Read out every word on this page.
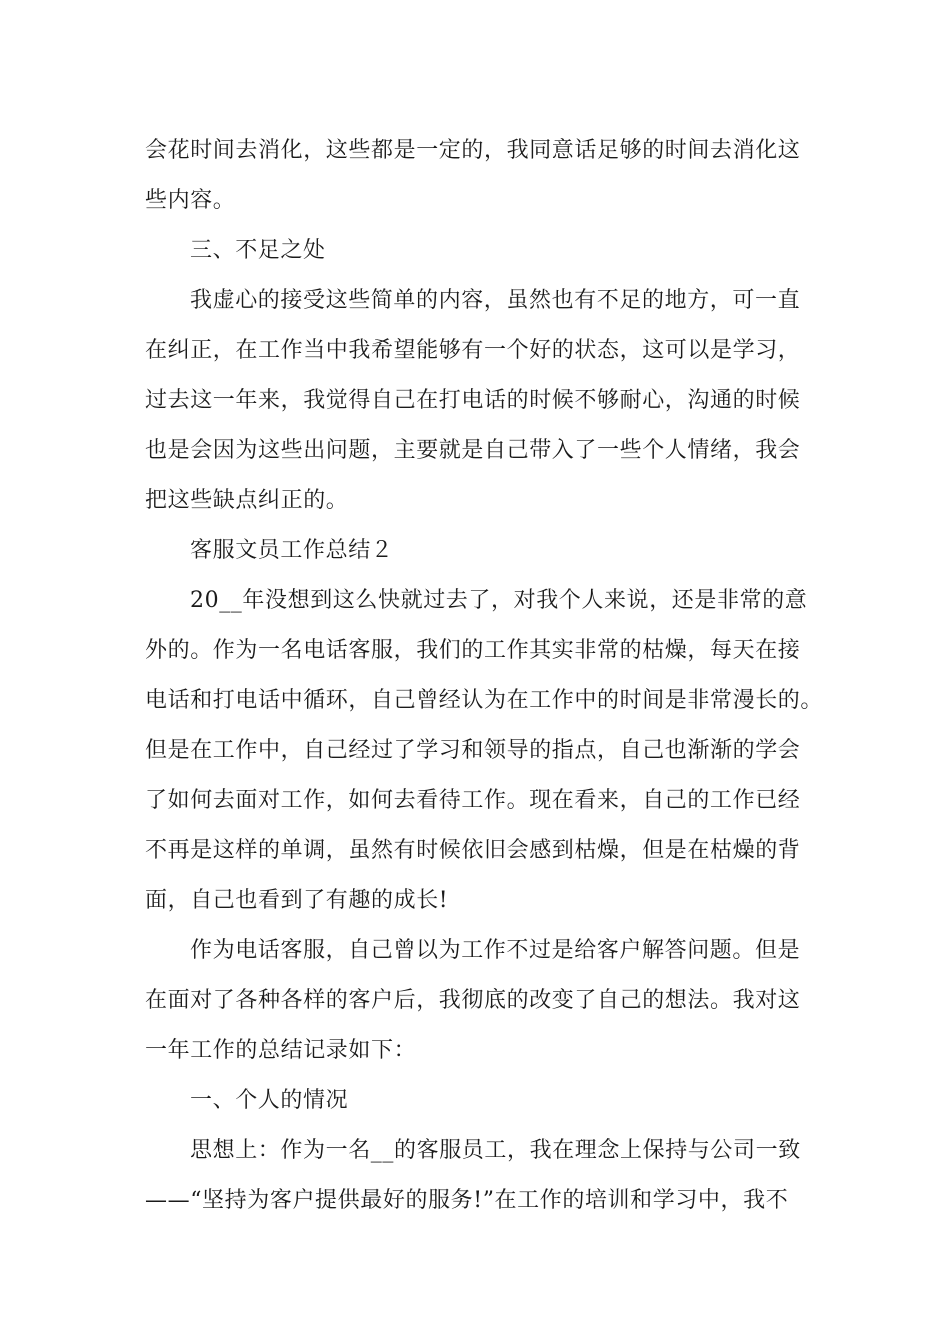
会花时间去消化，这些都是一定的，我同意话足够的时间去消化这
些内容。
三、不足之处
我虚心的接受这些简单的内容，虽然也有不足的地方，可一直
在纠正，在工作当中我希望能够有一个好的状态，这可以是学习，
过去这一年来，我觉得自己在打电话的时候不够耐心，沟通的时候
也是会因为这些出问题，主要就是自己带入了一些个人情绪，我会
把这些缺点纠正的。
客服文员工作总结２
20__年没想到这么快就过去了，对我个人来说，还是非常的意
外的。作为一名电话客服，我们的工作其实非常的枯燥，每天在接
电话和打电话中循环，自己曾经认为在工作中的时间是非常漫长的。
但是在工作中，自己经过了学习和领导的指点，自己也渐渐的学会
了如何去面对工作，如何去看待工作。现在看来，自己的工作已经
不再是这样的单调，虽然有时候依旧会感到枯燥，但是在枯燥的背
面，自己也看到了有趣的成长!
作为电话客服，自己曾以为工作不过是给客户解答问题。但是
在面对了各种各样的客户后，我彻底的改变了自己的想法。我对这
一年工作的总结记录如下：
一、个人的情况
思想上：作为一名__的客服员工，我在理念上保持与公司一致
——“坚持为客户提供最好的服务!”在工作的培训和学习中，我不
